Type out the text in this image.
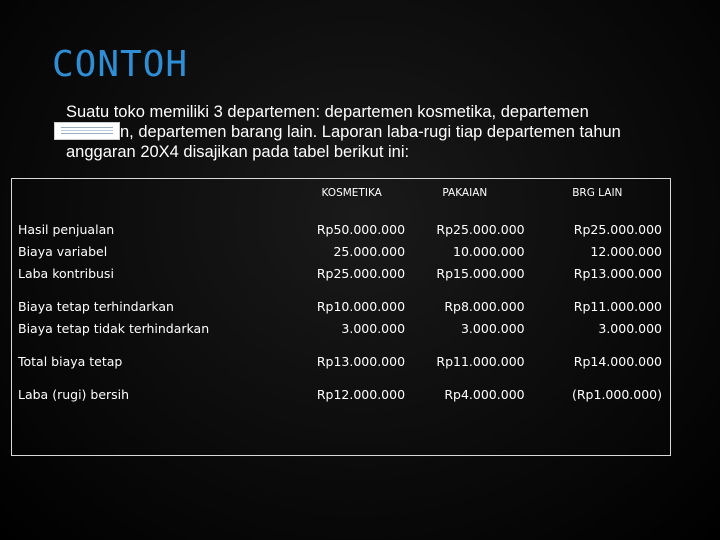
CONTOH
Suatu toko memiliki 3 departemen: departemen kosmetika, departemen
n, departemen barang lain. Laporan laba-rugi tiap departemen tahun
anggaran 20X4 disajikan pada tabel berikut ini:
	KOSMETIKA	PAKAIAN	BRG LAIN

Hasil penjualan	Rp50.000.000	Rp25.000.000	Rp25.000.000
Biaya variabel	25.000.000	10.000.000	12.000.000
Laba kontribusi	Rp25.000.000	Rp15.000.000	Rp13.000.000

Biaya tetap terhindarkan	Rp10.000.000	Rp8.000.000	Rp11.000.000
Biaya tetap tidak terhindarkan	3.000.000	3.000.000	3.000.000

Total biaya tetap	Rp13.000.000	Rp11.000.000	Rp14.000.000

Laba (rugi) bersih	Rp12.000.000	Rp4.000.000	(Rp1.000.000)
